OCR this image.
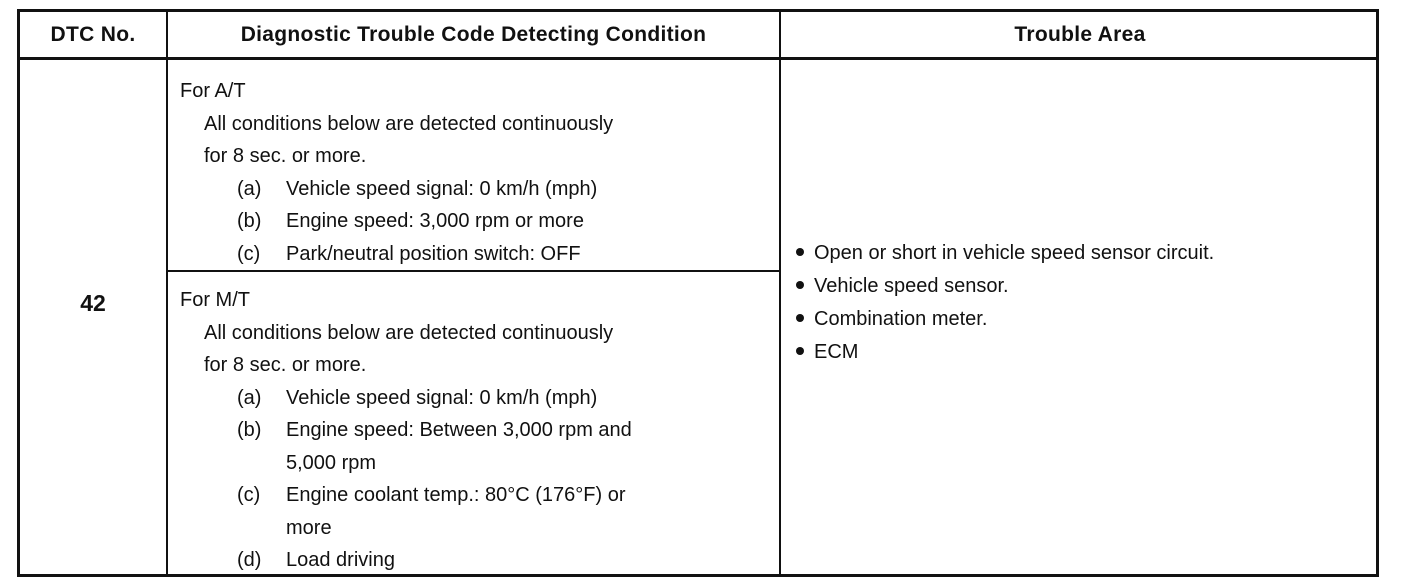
DTC No.	Diagnostic Trouble Code Detecting Condition	Trouble Area
42
For A/T
All conditions below are detected continuously
for 8 sec. or more.
(a) Vehicle speed signal: 0 km/h (mph)
(b) Engine speed: 3,000 rpm or more
(c) Park/neutral position switch: OFF
For M/T
All conditions below are detected continuously
for 8 sec. or more.
(a) Vehicle speed signal: 0 km/h (mph)
(b) Engine speed: Between 3,000 rpm and
5,000 rpm
(c) Engine coolant temp.: 80°C (176°F) or
more
(d) Load driving
Open or short in vehicle speed sensor circuit.
Vehicle speed sensor.
Combination meter.
ECM
